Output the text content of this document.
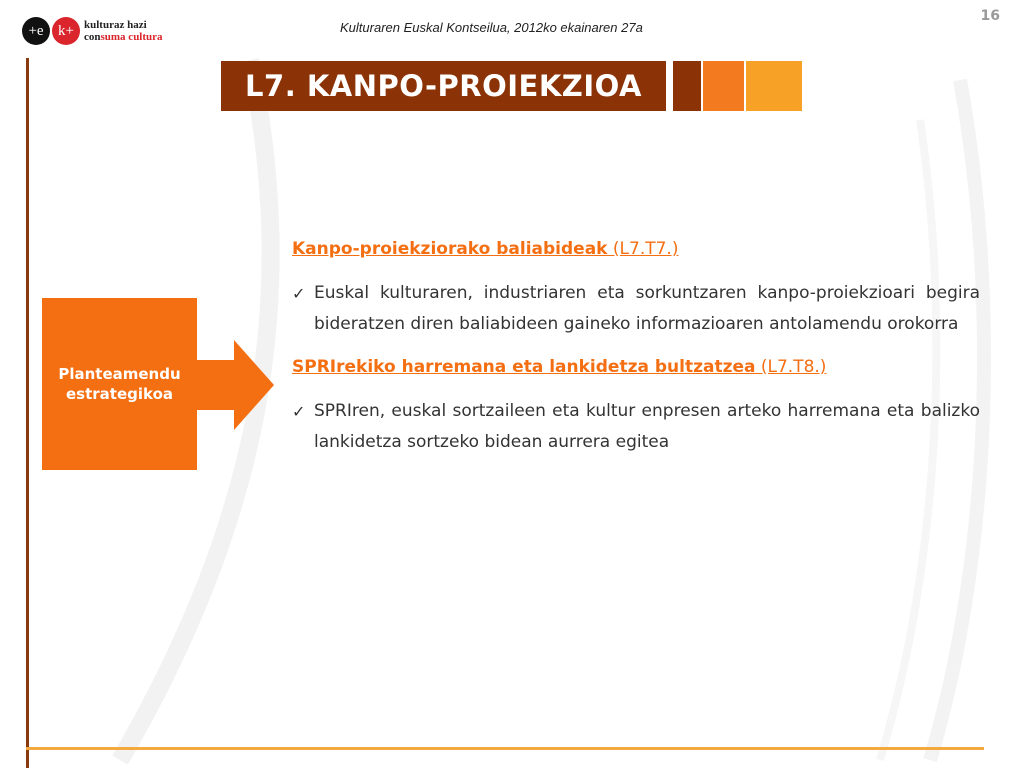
+e k+ kulturaz hazi
consuma cultura
Kulturaren Euskal Kontseilua, 2012ko ekainaren 27a
16
L7. KANPO-PROIEKZIOA
Planteamendu
estrategikoa
Kanpo-proiekziorako baliabideak (L7.T7.)
✓ Euskal kulturaren, industriaren eta sorkuntzaren kanpo-proiekzioari begira bideratzen diren baliabideen gaineko informazioaren antolamendu orokorra
SPRIrekiko harremana eta lankidetza bultzatzea (L7.T8.)
✓ SPRIren, euskal sortzaileen eta kultur enpresen arteko harremana eta balizko lankidetza sortzeko bidean aurrera egitea
